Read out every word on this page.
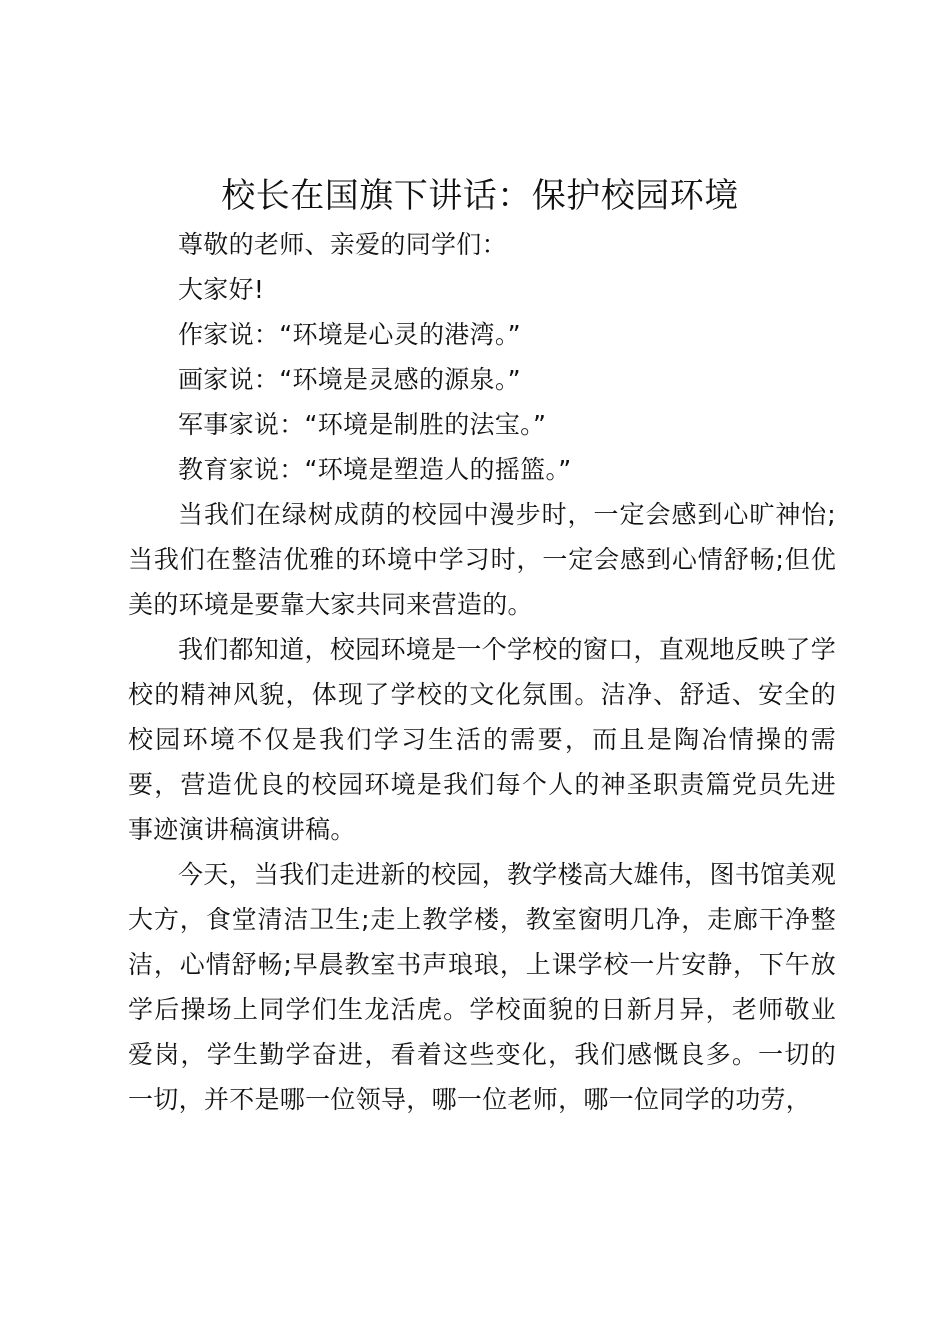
校长在国旗下讲话：保护校园环境

尊敬的老师、亲爱的同学们：

大家好!

作家说：“环境是心灵的港湾。”

画家说：“环境是灵感的源泉。”

军事家说：“环境是制胜的法宝。”

教育家说：“环境是塑造人的摇篮。”

当我们在绿树成荫的校园中漫步时，一定会感到心旷神怡;当我们在整洁优雅的环境中学习时，一定会感到心情舒畅;但优美的环境是要靠大家共同来营造的。

我们都知道，校园环境是一个学校的窗口，直观地反映了学校的精神风貌，体现了学校的文化氛围。洁净、舒适、安全的校园环境不仅是我们学习生活的需要，而且是陶冶情操的需要，营造优良的校园环境是我们每个人的神圣职责篇党员先进事迹演讲稿演讲稿。

今天，当我们走进新的校园，教学楼高大雄伟，图书馆美观大方，食堂清洁卫生;走上教学楼，教室窗明几净，走廊干净整洁，心情舒畅;早晨教室书声琅琅，上课学校一片安静，下午放学后操场上同学们生龙活虎。学校面貌的日新月异，老师敬业爱岗，学生勤学奋进，看着这些变化，我们感慨良多。一切的一切，并不是哪一位领导，哪一位老师，哪一位同学的功劳，
